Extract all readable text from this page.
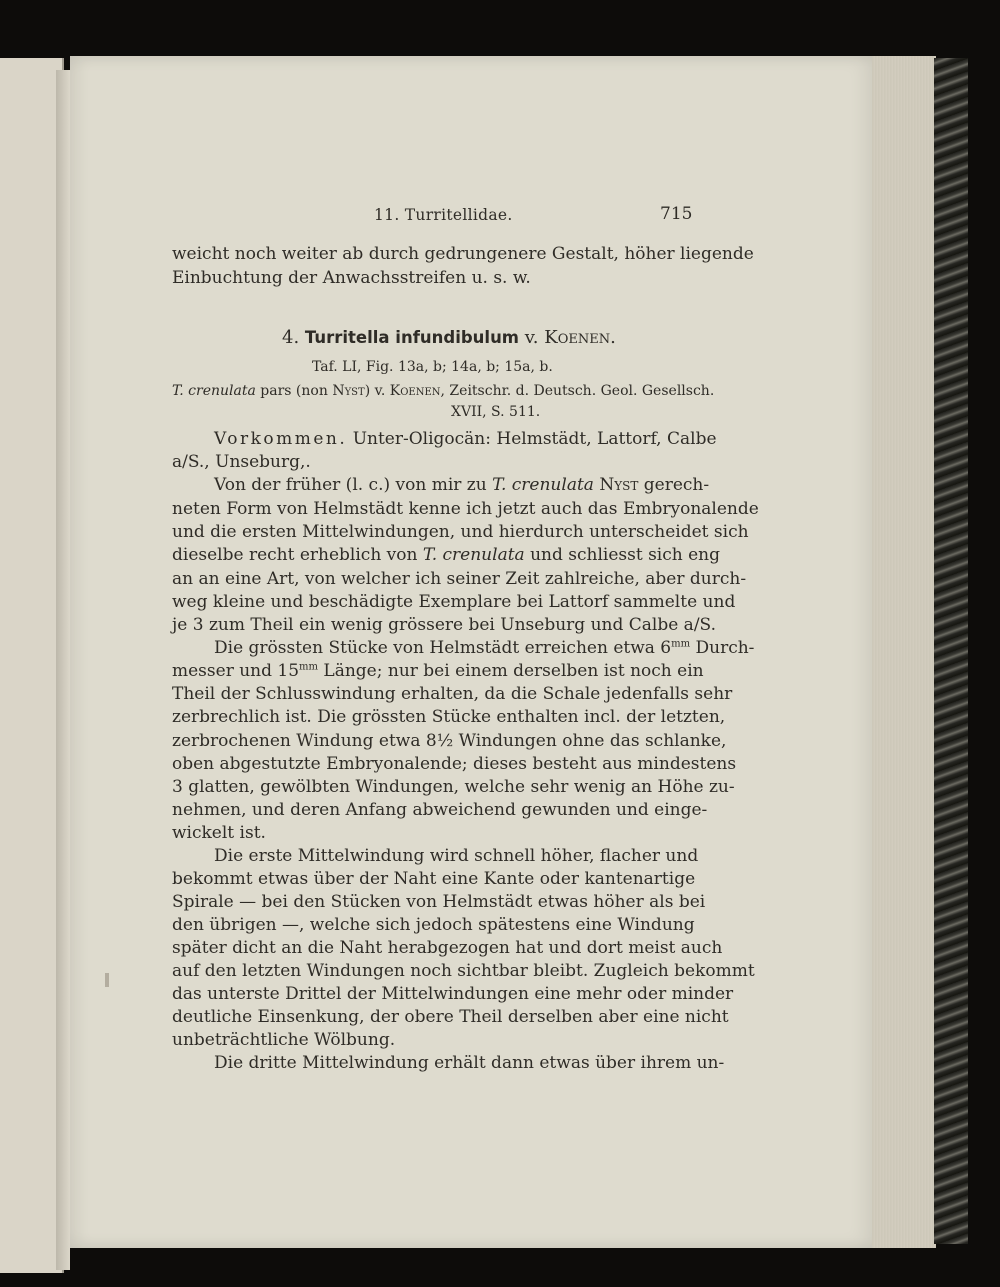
11. Turritellidae.	715
weicht noch weiter ab durch gedrungenere Gestalt, höher liegende
Einbuchtung der Anwachsstreifen u. s. w.
4. Turritella infundibulum v. Koenen.
Taf. LI, Fig. 13a, b; 14a, b; 15a, b.
T. crenulata pars (non Nyst) v. Koenen, Zeitschr. d. Deutsch. Geol. Gesellsch.
XVII, S. 511.
Vorkommen. Unter-Oligocän: Helmstädt, Lattorf, Calbe
a/S., Unseburg,.
Von der früher (l. c.) von mir zu T. crenulata Nyst gerech-
neten Form von Helmstädt kenne ich jetzt auch das Embryonalende
und die ersten Mittelwindungen, und hierdurch unterscheidet sich
dieselbe recht erheblich von T. crenulata und schliesst sich eng
an an eine Art, von welcher ich seiner Zeit zahlreiche, aber durch-
weg kleine und beschädigte Exemplare bei Lattorf sammelte und
je 3 zum Theil ein wenig grössere bei Unseburg und Calbe a/S.
Die grössten Stücke von Helmstädt erreichen etwa $6^{mm}$ Durch-
messer und $15^{mm}$ Länge; nur bei einem derselben ist noch ein
Theil der Schlusswindung erhalten, da die Schale jedenfalls sehr
zerbrechlich ist. Die grössten Stücke enthalten incl. der letzten,
zerbrochenen Windung etwa 8½ Windungen ohne das schlanke,
oben abgestutzte Embryonalende; dieses besteht aus mindestens
3 glatten, gewölbten Windungen, welche sehr wenig an Höhe zu-
nehmen, und deren Anfang abweichend gewunden und einge-
wickelt ist.
Die erste Mittelwindung wird schnell höher, flacher und
bekommt etwas über der Naht eine Kante oder kantenartige
Spirale — bei den Stücken von Helmstädt etwas höher als bei
den übrigen —, welche sich jedoch spätestens eine Windung
später dicht an die Naht herabgezogen hat und dort meist auch
auf den letzten Windungen noch sichtbar bleibt. Zugleich bekommt
das unterste Drittel der Mittelwindungen eine mehr oder minder
deutliche Einsenkung, der obere Theil derselben aber eine nicht
unbeträchtliche Wölbung.
Die dritte Mittelwindung erhält dann etwas über ihrem un-
